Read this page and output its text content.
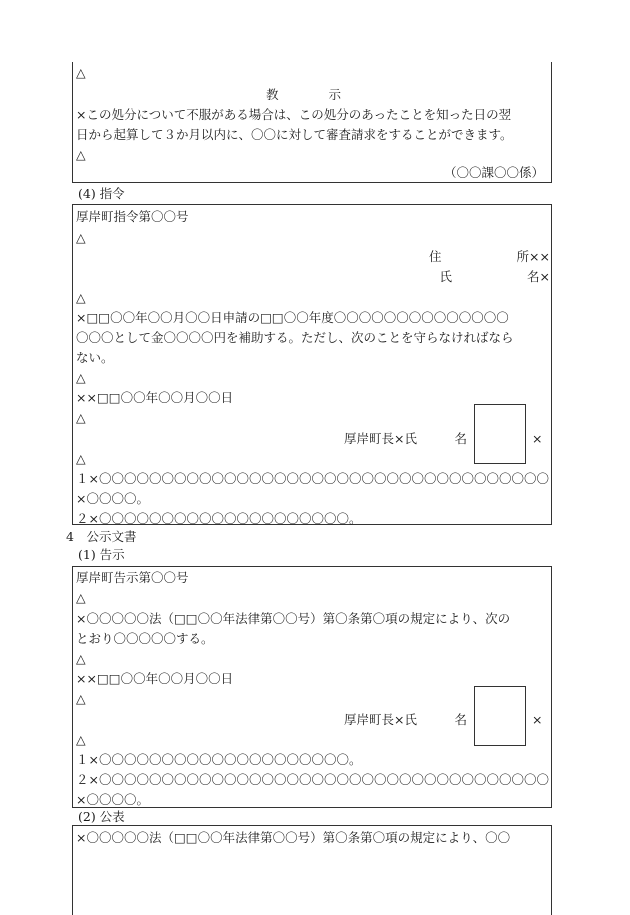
△
教　　　　示
×この処分について不服がある場合は、この処分のあったことを知った日の翌
日から起算して３か月以内に、〇〇に対して審査請求をすることができます。
△
（〇〇課〇〇係）
(4) 指令
厚岸町指令第〇〇号
△
住　　　　　　所××
氏　　　　　　名×
△
×□□〇〇年〇〇月〇〇日申請の□□〇〇年度〇〇〇〇〇〇〇〇〇〇〇〇〇〇
〇〇〇として金〇〇〇〇円を補助する。ただし、次のことを守らなければなら
ない。
△
××□□〇〇年〇〇月〇〇日
△
厚岸町長×氏　　　名	×
△
１×〇〇〇〇〇〇〇〇〇〇〇〇〇〇〇〇〇〇〇〇〇〇〇〇〇〇〇〇〇〇〇〇〇〇〇〇
×〇〇〇〇。
２×〇〇〇〇〇〇〇〇〇〇〇〇〇〇〇〇〇〇〇〇。
4　公示文書
(1) 告示
厚岸町告示第〇〇号
△
×〇〇〇〇〇法（□□〇〇年法律第〇〇号）第〇条第〇項の規定により、次の
とおり〇〇〇〇〇する。
△
××□□〇〇年〇〇月〇〇日
△
厚岸町長×氏　　　名	×
△
１×〇〇〇〇〇〇〇〇〇〇〇〇〇〇〇〇〇〇〇〇。
２×〇〇〇〇〇〇〇〇〇〇〇〇〇〇〇〇〇〇〇〇〇〇〇〇〇〇〇〇〇〇〇〇〇〇〇〇
×〇〇〇〇。
(2) 公表
×〇〇〇〇〇法（□□〇〇年法律第〇〇号）第〇条第〇項の規定により、〇〇
